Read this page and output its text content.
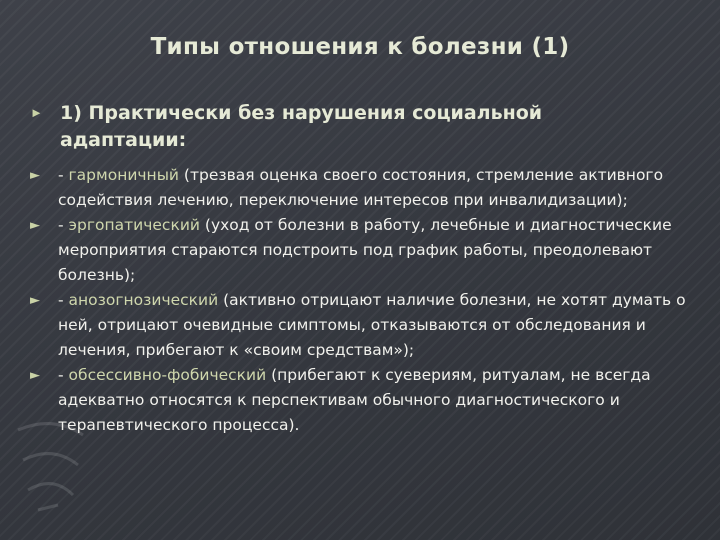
Типы отношения к болезни (1)
► 1) Практически без нарушения социальной адаптации:
► - гармоничный (трезвая оценка своего состояния, стремление активного содействия лечению, переключение интересов при инвалидизации);
► - эргопатический (уход от болезни в работу, лечебные и диагностические мероприятия стараются подстроить под график работы, преодолевают болезнь);
► - анозогнозический (активно отрицают наличие болезни, не хотят думать о ней, отрицают очевидные симптомы, отказываются от обследования и лечения, прибегают к «своим средствам»);
► - обсессивно-фобический (прибегают к суевериям, ритуалам, не всегда адекватно относятся к перспективам обычного диагностического и терапевтического процесса).
